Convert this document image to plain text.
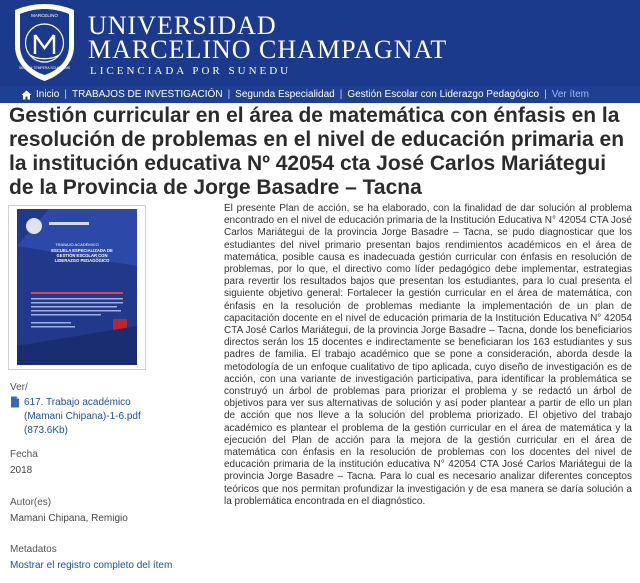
MARCELINO
SIGNUM TEMPERA SCUITEAMS
UNIVERSIDAD
MARCELINO CHAMPAGNAT
LICENCIADA POR SUNEDU
Inicio | TRABAJOS DE INVESTIGACIÓN | Segunda Especialidad | Gestión Escolar con Liderazgo Pedagógico | Ver ítem
Gestión curricular en el área de matemática con énfasis en la resolución de problemas en el nivel de educación primaria en la institución educativa Nº 42054 cta José Carlos Mariátegui de la Provincia de Jorge Basadre – Tacna
TRABAJO ACADÉMICO
ESCUELA ESPECIALIZADA DE GESTIÓN ESCOLAR CON LIDERAZGO PEDAGÓGICO
Ver/
617. Trabajo académico (Mamani Chipana)-1-6.pdf (873.6Kb)
Fecha
2018
Autor(es)
Mamani Chipana, Remigio
Metadatos
Mostrar el registro completo del ítem
El presente Plan de acción, se ha elaborado, con la finalidad de dar solución al problema encontrado en el nivel de educación primaria de la Institución Educativa N° 42054 CTA José Carlos Mariátegui de la provincia Jorge Basadre – Tacna, se pudo diagnosticar que los estudiantes del nivel primario presentan bajos rendimientos académicos en el área de matemática, posible causa es inadecuada gestión curricular con énfasis en resolución de problemas, por lo que, el directivo como líder pedagógico debe implementar, estrategias para revertir los resultados bajos que presentan los estudiantes, para lo cual presenta el siguiente objetivo general: Fortalecer la gestión curricular en el área de matemática, con énfasis en la resolución de problemas mediante la implementación de un plan de capacitación docente en el nivel de educación primaria de la Institución Educativa N° 42054 CTA José Carlos Mariátegui, de la provincia Jorge Basadre – Tacna, donde los beneficiarios directos serán los 15 docentes e indirectamente se beneficiaran los 163 estudiantes y sus padres de familia. El trabajo académico que se pone a consideración, aborda desde la metodología de un enfoque cualitativo de tipo aplicada, cuyo diseño de investigación es de acción, con una variante de investigación participativa, para identificar la problemática se construyó un árbol de problemas para priorizar el problema y se redactó un árbol de objetivos para ver sus alternativas de solución y así poder plantear a partir de ello un plan de acción que nos lleve a la solución del problema priorizado. El objetivo del trabajo académico es plantear el problema de la gestión curricular en el área de matemática y la ejecución del Plan de acción para la mejora de la gestión curricular en el área de matemática con énfasis en la resolución de problemas con los docentes del nivel de educación primaria de la institución educativa N° 42054 CTA José Carlos Mariátegui de la provincia Jorge Basadre – Tacna. Para lo cual es necesario analizar diferentes conceptos teóricos que nos permitan profundizar la investigación y de esa manera se daría solución a la problemática encontrada en el diagnóstico.
